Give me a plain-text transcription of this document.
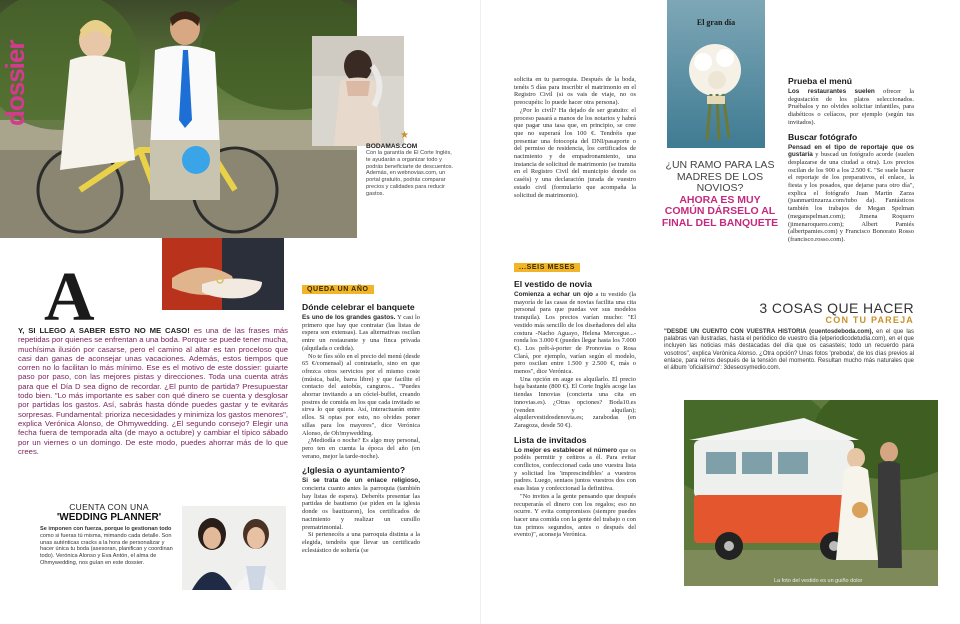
dossier
★
BODAMAS.COM
Con la garantía de El Corte Inglés, te ayudarán a organizar todo y podrás beneficiarte de descuentos. Además, en webnovias.com, un portal gratuito, podrás comparar precios y calidades para reducir gastos.
A

Y, SI LLEGO A SABER ESTO NO ME CASO! es una de las frases más repetidas por quienes se enfrentan a una boda. Porque se puede tener mucha, muchísima ilusión por casarse, pero el camino al altar es tan proceloso que casi dan ganas de aconsejar unas vacaciones. Además, estos tiempos que corren no lo facilitan lo más mínimo. Ese es el motivo de este dossier: guiarte paso por paso, con las mejores pistas y direcciones. Toda una cuenta atrás para que el Día D sea digno de recordar. ¿El punto de partida? Presupuestar todo bien. "Lo más importante es saber con qué dinero se cuenta y desglosar por partidas los gastos. Así, sabrás hasta dónde puedes gastar y te evitarás sorpresas. Fundamental: prioriza necesidades y minimiza los gastos menores", explica Verónica Alonso, de Ohmywedding. ¿El segundo consejo? Elegir una fecha fuera de temporada alta (de mayo a octubre) y cambiar el típico sábado por un viernes o un domingo. De este modo, puedes ahorrar más de lo que crees.

CUENTA CON UNA
'WEDDING PLANNER'
Se imponen con fuerza, porque lo gestionan todo como si fueras tú misma, mimando cada detalle. Son unas auténticas cracks a la hora de personalizar y hacer única tu boda (asesoran, planifican y coordinan todo). Verónica Alonso y Eva Antón, el alma de Ohmywedding, nos guían en este dossier.
QUEDA UN AÑO
Dónde celebrar el banquete

Es uno de los grandes gastos. Y casi lo primero que hay que contratar (las listas de espera son extensas). Las alternativas oscilan entre un restaurante y una finca privada (alquilada o cedida).

No te fíes sólo en el precio del menú (desde 65 €/comensal) al contratarlo, sino en que ofrezca otros servicios por el mismo coste (música, baile, barra libre) y que facilite el contacto del autobús, canguros... "Puedes ahorrar invitando a un cóctel-buffet, creando postres de comida en los que cada invitado se sirva lo que quiera. Así, interactuarán entre ellos. Si optas por esto, no olvides poner sillas para los mayores", dice Verónica Alonso, de Oh!mywedding.

¿Mediodía o noche? Es algo muy personal, pero ten en cuenta la época del año (en verano, mejor la tarde-noche).

¿Iglesia o ayuntamiento?

Si se trata de un enlace religioso, concierta cuanto antes la parroquia (también hay listas de espera). Deberéis presentar las partidas de bautismo (se piden en la iglesia donde os bautizaron), los certificados de nacimiento y realizar un cursillo prematrimonial.

Si pertenecéis a una parroquia distinta a la elegida, tendréis que llevar un certificado eclesiástico de soltería (se

solicita en tu parroquia. Después de la boda, tenéis 5 días para inscribir el matrimonio en el Registro Civil (si os vais de viaje, no os preocupéis: lo puede hacer otra persona).

¿Por lo civil? Ha dejado de ser gratuito: el proceso pasará a manos de los notarios y habrá que pagar una tasa que, en principio, se cree que no superará los 100 €. Tendréis que presentar una fotocopia del DNI/pasaporte o del permiso de residencia, los certificados de nacimiento y de empadronamiento, una instancia de solicitud de matrimonio (se tramita en el Registro Civil del municipio donde os caséis) y una declaración jurada de vuestro estado civil (formulario que acompaña la solicitud de matrimonio).

...SEIS MESES
El vestido de novia

Comienza a echar un ojo a tu vestido (la mayoría de las casas de novias facilita una cita personal para que puedas ver sus modelos tranquila). Los precios varían mucho: "El vestido más sencillo de los diseñadores del alta costura -Nacho Aguayo, Helena Mercegue...- ronda los 3.000 € (puedes llegar hasta los 7.000 €). Los prêt-à-porter de Pronovias o Rosa Clará, por ejemplo, varían según el modelo, pero oscilan entre 1.500 y 2.500 €, más o menos", dice Verónica.

Una opción en auge es alquilarlo. El precio baja bastante (800 €). El Corte Inglés acoge las tiendas Innovias (concierta una cita en innovias.es). ¿Otras opciones? Boda10.es (venden y alquilan); alquilervestidosdenovia.es; zarabodas (en Zaragoza, desde 50 €).

Lista de invitados

Lo mejor es establecer el número que os podéis permitir y ceñiros a él. Para evitar conflictos, confeccionad cada uno vuestra lista y solicitad los 'imprescindibles' a vuestros padres. Luego, sentaos juntos vuestros dos con esas listas y confeccionad la definitiva.

"No invites a la gente pensando que después recuperarás el dinero con los regalos; eso no ocurre. Y evita compromisos (siempre puedes hacer una comida con la gente del trabajo o con tus primos segundos, antes o después del evento)", aconseja Verónica.

El gran día
¿UN RAMO PARA LAS MADRES DE LOS NOVIOS?
AHORA ES MUY COMÚN DÁRSELO AL FINAL DEL BANQUETE
Prueba el menú

Los restaurantes suelen ofrecer la degustación de los platos seleccionados. Pruébalos y no olvides solicitar infantiles, para diabéticos o celíacos, por ejemplo (según tus invitados).

Buscar fotógrafo

Pensad en el tipo de reportaje que os gustaría y buscad un fotógrafo acorde (suelen desplazarse de una ciudad a otra). Los precios oscilan de los 900 a los 2.500 €. "Se suele hacer el reportaje de los preparativos, el enlace, la fiesta y los posados, que dejarse para otro día", explica el fotógrafo Juan Martín Zarza (juanmartinzarza.com/tubo da). Fantásticos también los trabajos de Megan Spelman (meganspelman.com); Jimena Roquero (jimenaroquero.com); Albert Pamiés (albertpamies.com) y Francisco Bonorato Rosso (francisco.rosso.com).

3 COSAS QUE HACER
CON TU PAREJA

"DESDE UN CUENTO CON VUESTRA HISTORIA (cuentosdeboda.com), en el que las palabras van ilustradas, hasta el periódico de vuestro día (elperiodicodetudia.com), en el que incluyen las noticias más destacadas del día que os casasteis; todo un recuerdo para vosotros", explica Verónica Alonso. ¿Otra opción? Unas fotos 'preboda', de los días previos al enlace, para reíros después de la tensión del momento. Resultan mucho más naturales que el álbum 'oficialísimo': 3deseosymedio.com.

La foto del vestido es un guiño dolor
